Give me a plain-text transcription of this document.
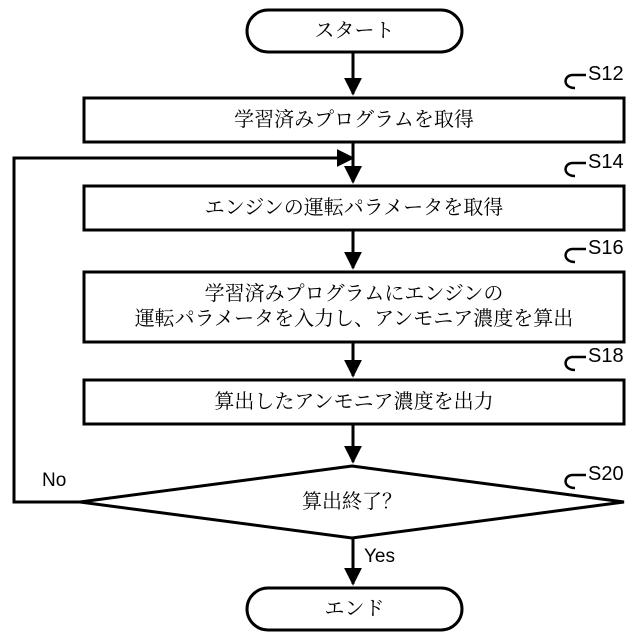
スタート
学習済みプログラムを取得
エンジンの運転パラメータを取得
学習済みプログラムにエンジンの
運転パラメータを入力し、アンモニア濃度を算出
算出したアンモニア濃度を出力
算出終了？
エンド
S12
S14
S16
S18
S20
No
Yes
